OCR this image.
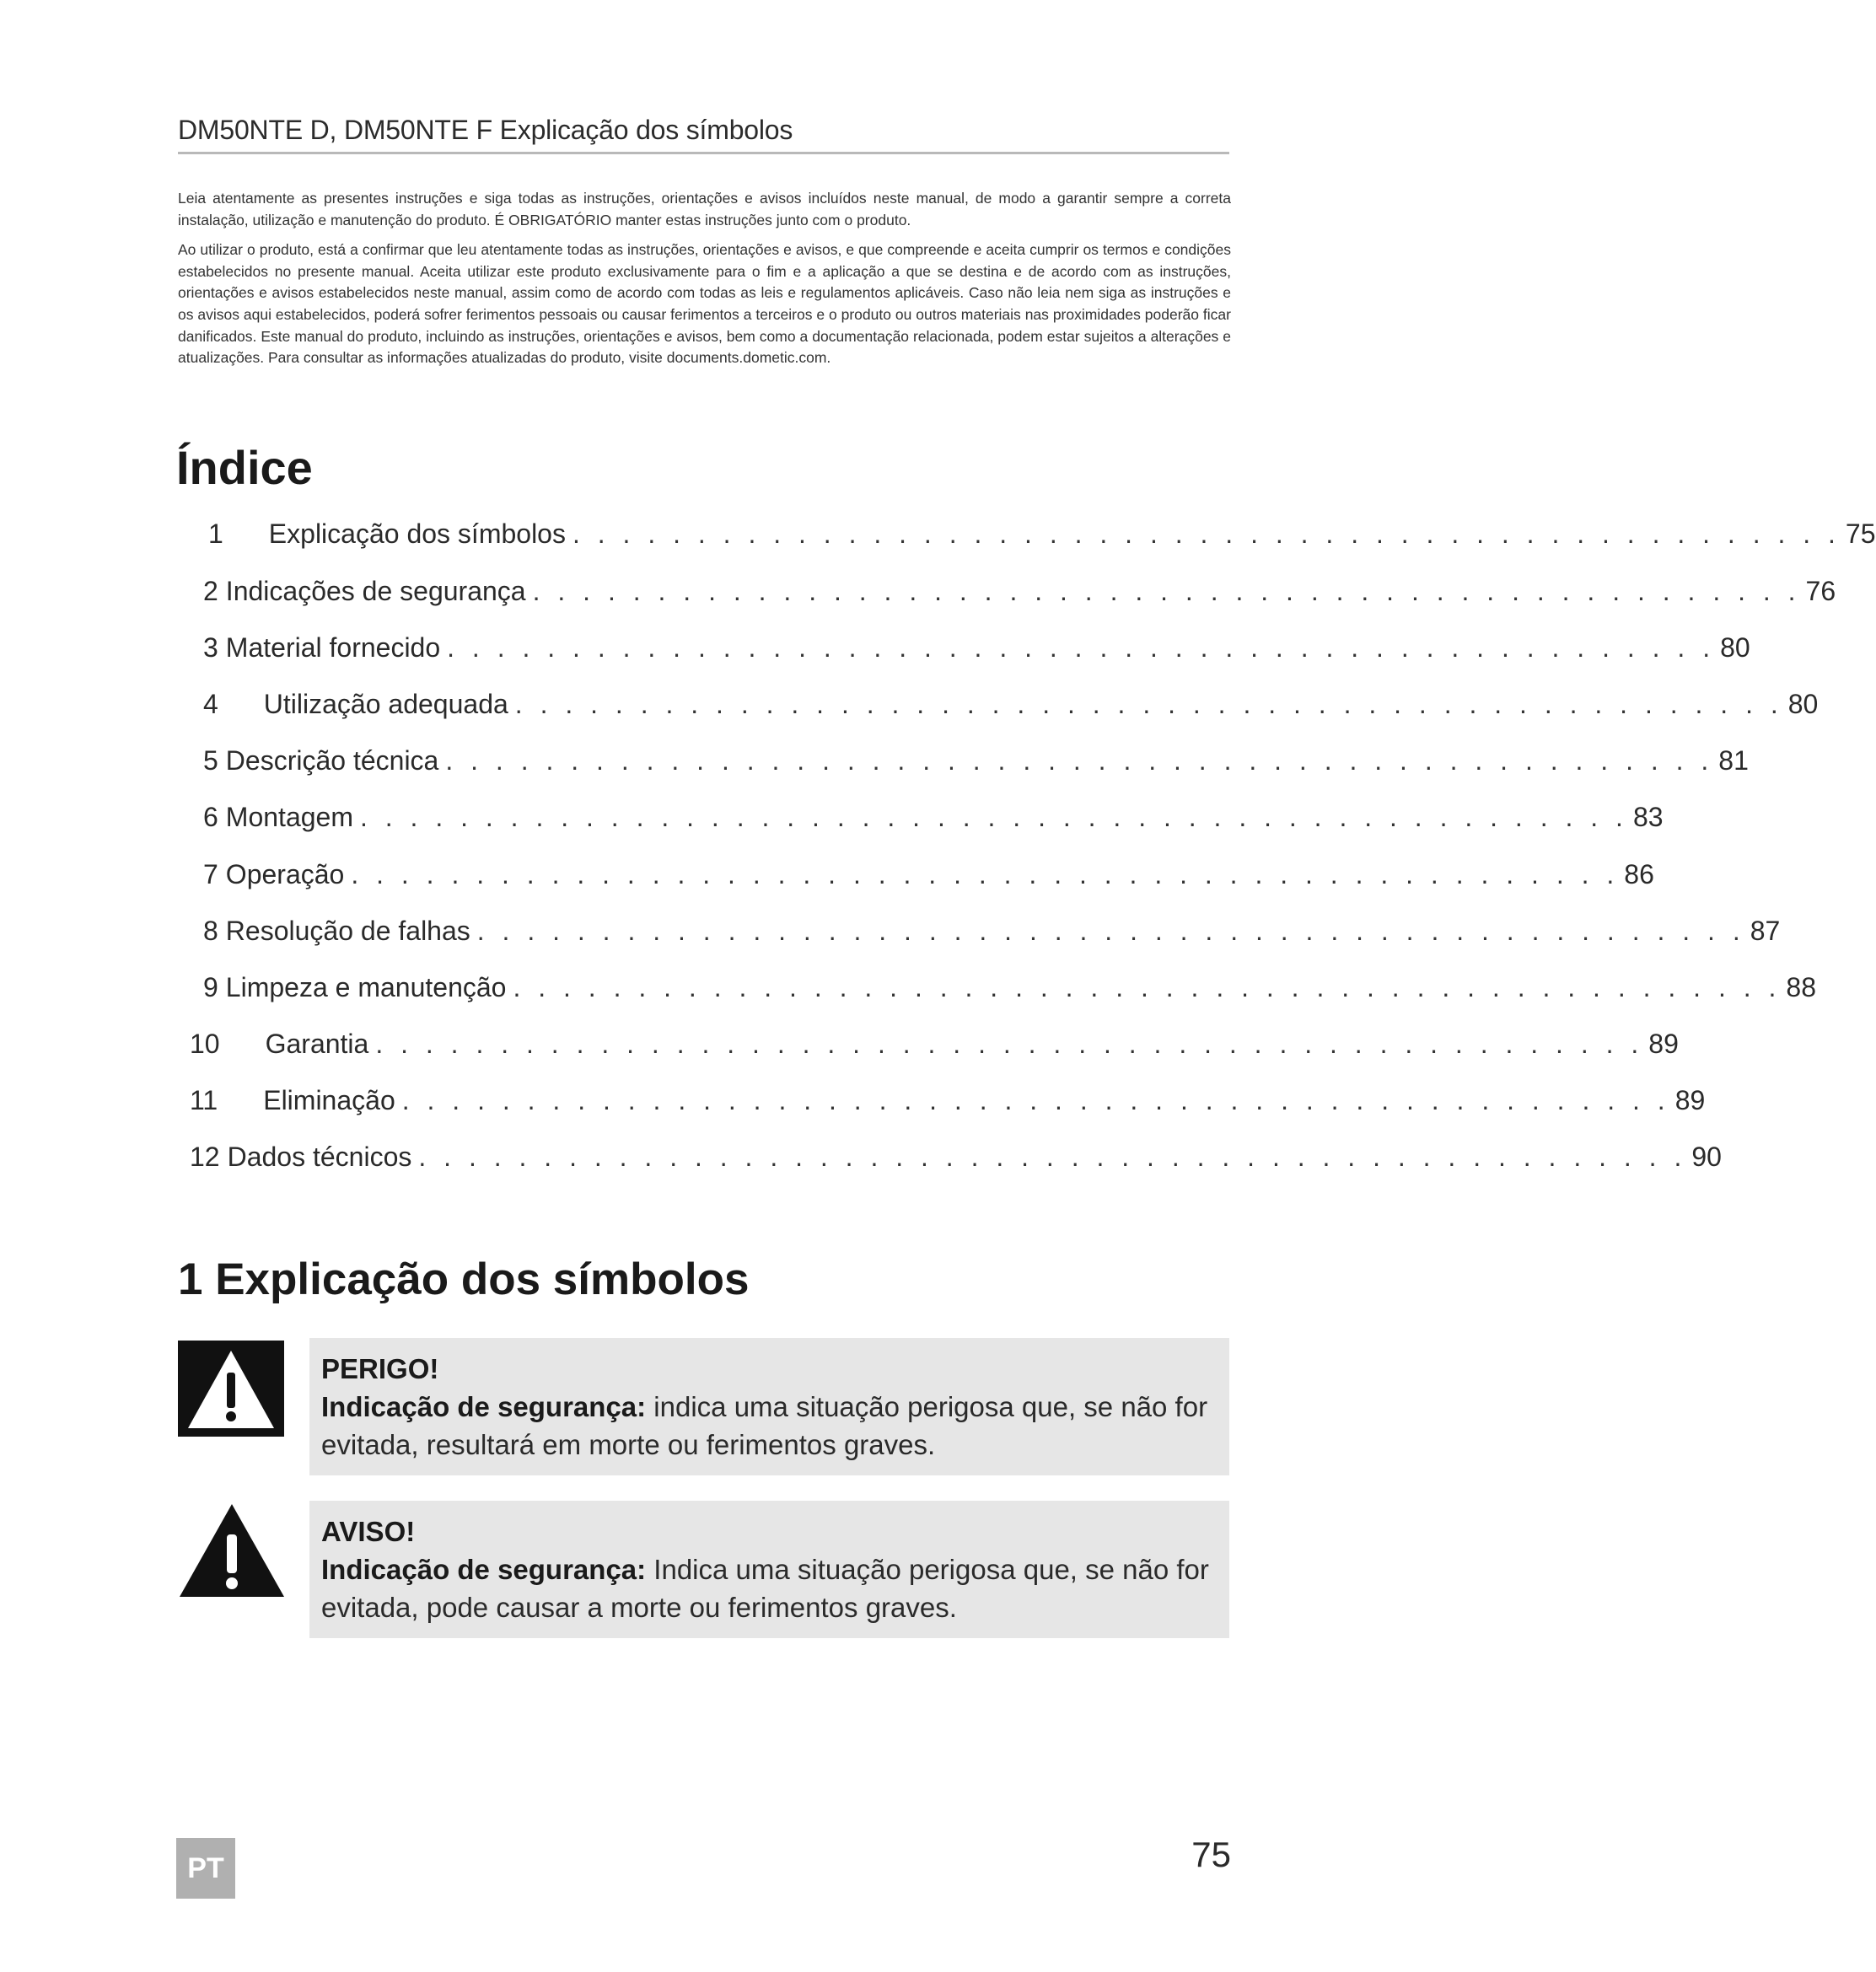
DM50NTE D, DM50NTE F Explicação dos símbolos

Leia atentamente as presentes instruções e siga todas as instruções, orientações e avisos incluídos neste manual, de modo a garantir sempre a correta instalação, utilização e manutenção do produto. É OBRIGATÓRIO manter estas instruções junto com o produto.

Ao utilizar o produto, está a confirmar que leu atentamente todas as instruções, orientações e avisos, e que compreende e aceita cumprir os termos e condições estabelecidos no presente manual. Aceita utilizar este produto exclusivamente para o fim e a aplicação a que se destina e de acordo com as instruções, orientações e avisos estabelecidos neste manual, assim como de acordo com todas as leis e regulamentos aplicáveis. Caso não leia nem siga as instruções e os avisos aqui estabelecidos, poderá sofrer ferimentos pessoais ou causar ferimentos a terceiros e o produto ou outros materiais nas proximidades poderão ficar danificados. Este manual do produto, incluindo as instruções, orientações e avisos, bem como a documentação relacionada, podem estar sujeitos a alterações e atualizações. Para consultar as informações atualizadas do produto, visite documents.dometic.com.

Índice
1 Explicação dos símbolos . . . . . . . . . . . . . . . . . . . . . . . . . . . . . . . . . . . . . . . . . . . . . . . . . . . 75
2 Indicações de segurança . . . . . . . . . . . . . . . . . . . . . . . . . . . . . . . . . . . . . . . . . . . . . . . . . . . 76
3 Material fornecido . . . . . . . . . . . . . . . . . . . . . . . . . . . . . . . . . . . . . . . . . . . . . . . . . . . 80
4 Utilização adequada . . . . . . . . . . . . . . . . . . . . . . . . . . . . . . . . . . . . . . . . . . . . . . . . . . . 80
5 Descrição técnica . . . . . . . . . . . . . . . . . . . . . . . . . . . . . . . . . . . . . . . . . . . . . . . . . . . 81
6 Montagem . . . . . . . . . . . . . . . . . . . . . . . . . . . . . . . . . . . . . . . . . . . . . . . . . . . 83
7 Operação . . . . . . . . . . . . . . . . . . . . . . . . . . . . . . . . . . . . . . . . . . . . . . . . . . . 86
8 Resolução de falhas . . . . . . . . . . . . . . . . . . . . . . . . . . . . . . . . . . . . . . . . . . . . . . . . . . . 87
9 Limpeza e manutenção . . . . . . . . . . . . . . . . . . . . . . . . . . . . . . . . . . . . . . . . . . . . . . . . . . . 88
10 Garantia . . . . . . . . . . . . . . . . . . . . . . . . . . . . . . . . . . . . . . . . . . . . . . . . . . . 89
11 Eliminação . . . . . . . . . . . . . . . . . . . . . . . . . . . . . . . . . . . . . . . . . . . . . . . . . . . 89
12 Dados técnicos . . . . . . . . . . . . . . . . . . . . . . . . . . . . . . . . . . . . . . . . . . . . . . . . . . . 90
1 Explicação dos símbolos
PERIGO!
Indicação de segurança: indica uma situação perigosa que, se não for evitada, resultará em morte ou ferimentos graves.
AVISO!
Indicação de segurança: Indica uma situação perigosa que, se não for evitada, pode causar a morte ou ferimentos graves.
PT	75
